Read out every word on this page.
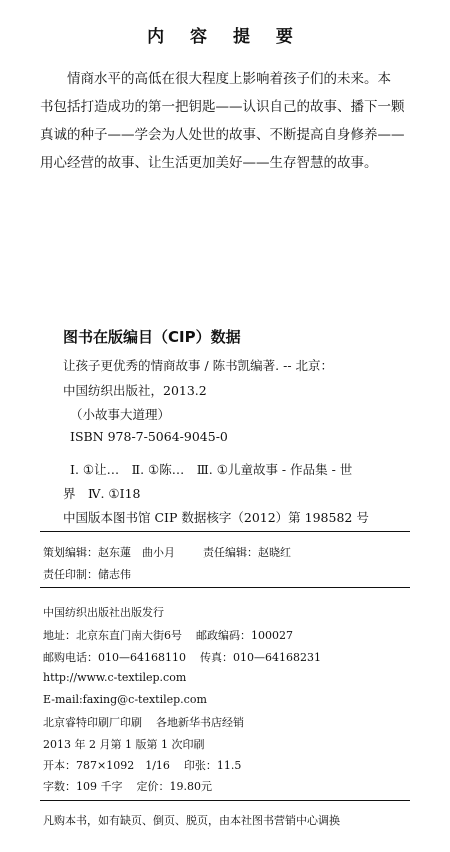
内 容 提 要
情商水平的高低在很大程度上影响着孩子们的未来。本
书包括打造成功的第一把钥匙——认识自己的故事、播下一颗
真诚的种子——学会为人处世的故事、不断提高自身修养——
用心经营的故事、让生活更加美好——生存智慧的故事。
图书在版编目（CIP）数据
让孩子更优秀的情商故事 / 陈书凯编著. -- 北京：
中国纺织出版社，2013.2
（小故事大道理）
ISBN 978-7-5064-9045-0
Ⅰ. ①让…　Ⅱ. ①陈…　Ⅲ. ①儿童故事 - 作品集 - 世
界　Ⅳ. ①I18
中国版本图书馆 CIP 数据核字（2012）第 198582 号
策划编辑：赵东蓮　曲小月	责任编辑：赵晓红
责任印制：储志伟
中国纺织出版社出版发行
地址：北京东直门南大街6号 邮政编码：100027
邮购电话：010—64168110 传真：010—64168231
http://www.c-textilep.com
E-mail:faxing@c-textilep.com
北京睿特印刷厂印刷 各地新华书店经销
2013 年 2 月第 1 版第 1 次印刷
开本：787×1092　1/16 印张：11.5
字数：109 千字 定价：19.80元
凡购本书，如有缺页、倒页、脱页，由本社图书营销中心调换
